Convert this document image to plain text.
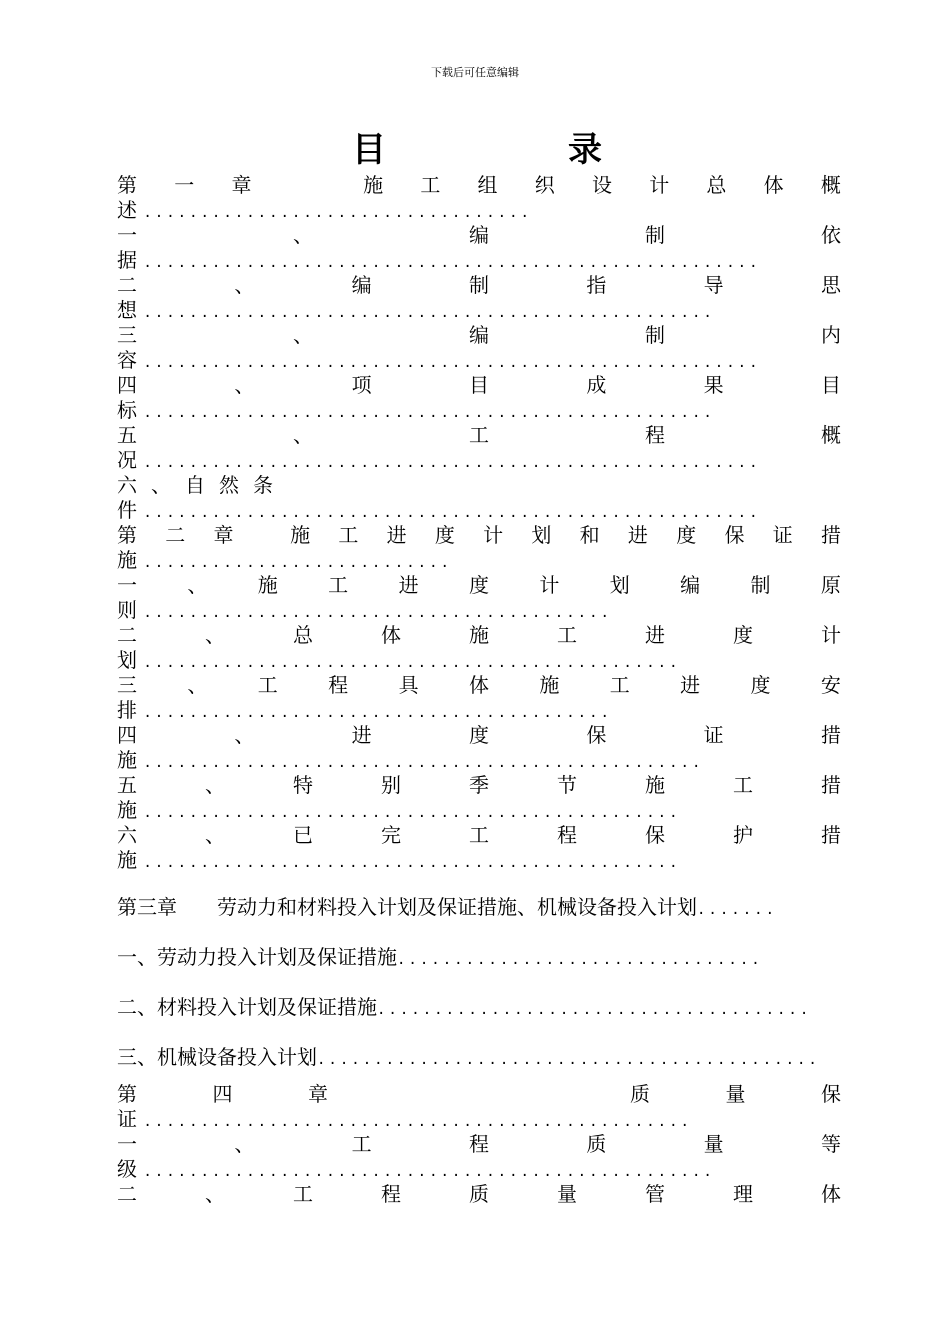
下载后可任意编辑
目	录
第 一 章	施 工 组 织 设 计 总 体 概
述 ..................................
一	、	编	制	依
据 ......................................................
二	、	编	制	指	导	思
想 ..................................................
三	、	编	制	内
容 ......................................................
四	、	项	目	成	果	目
标 ..................................................
五	、	工	程	概
况 ......................................................
六 、 自 然 条
件 ......................................................
第 二 章	施 工 进 度 计 划 和 进 度 保 证 措
施 ...........................
一	、	施	工	进	度	计	划	编	制	原
则 .........................................
二	、	总	体	施	工	进	度	计
划 ...............................................
三	、	工	程	具	体	施	工	进	度	安
排 .........................................
四	、	进	度	保	证	措
施 .................................................
五	、	特	别	季	节	施	工	措
施 ...............................................
六	、	已	完	工	程	保	护	措
施 ...............................................
第三章　　劳动力和材料投入计划及保证措施、机械设备投入计划.......
一、劳动力投入计划及保证措施................................
二、材料投入计划及保证措施......................................
三、机械设备投入计划............................................
第	四	章	质	量	保
证 ................................................
一	、	工	程	质	量	等
级 ..................................................
二	、	工	程	质	量	管	理	体
